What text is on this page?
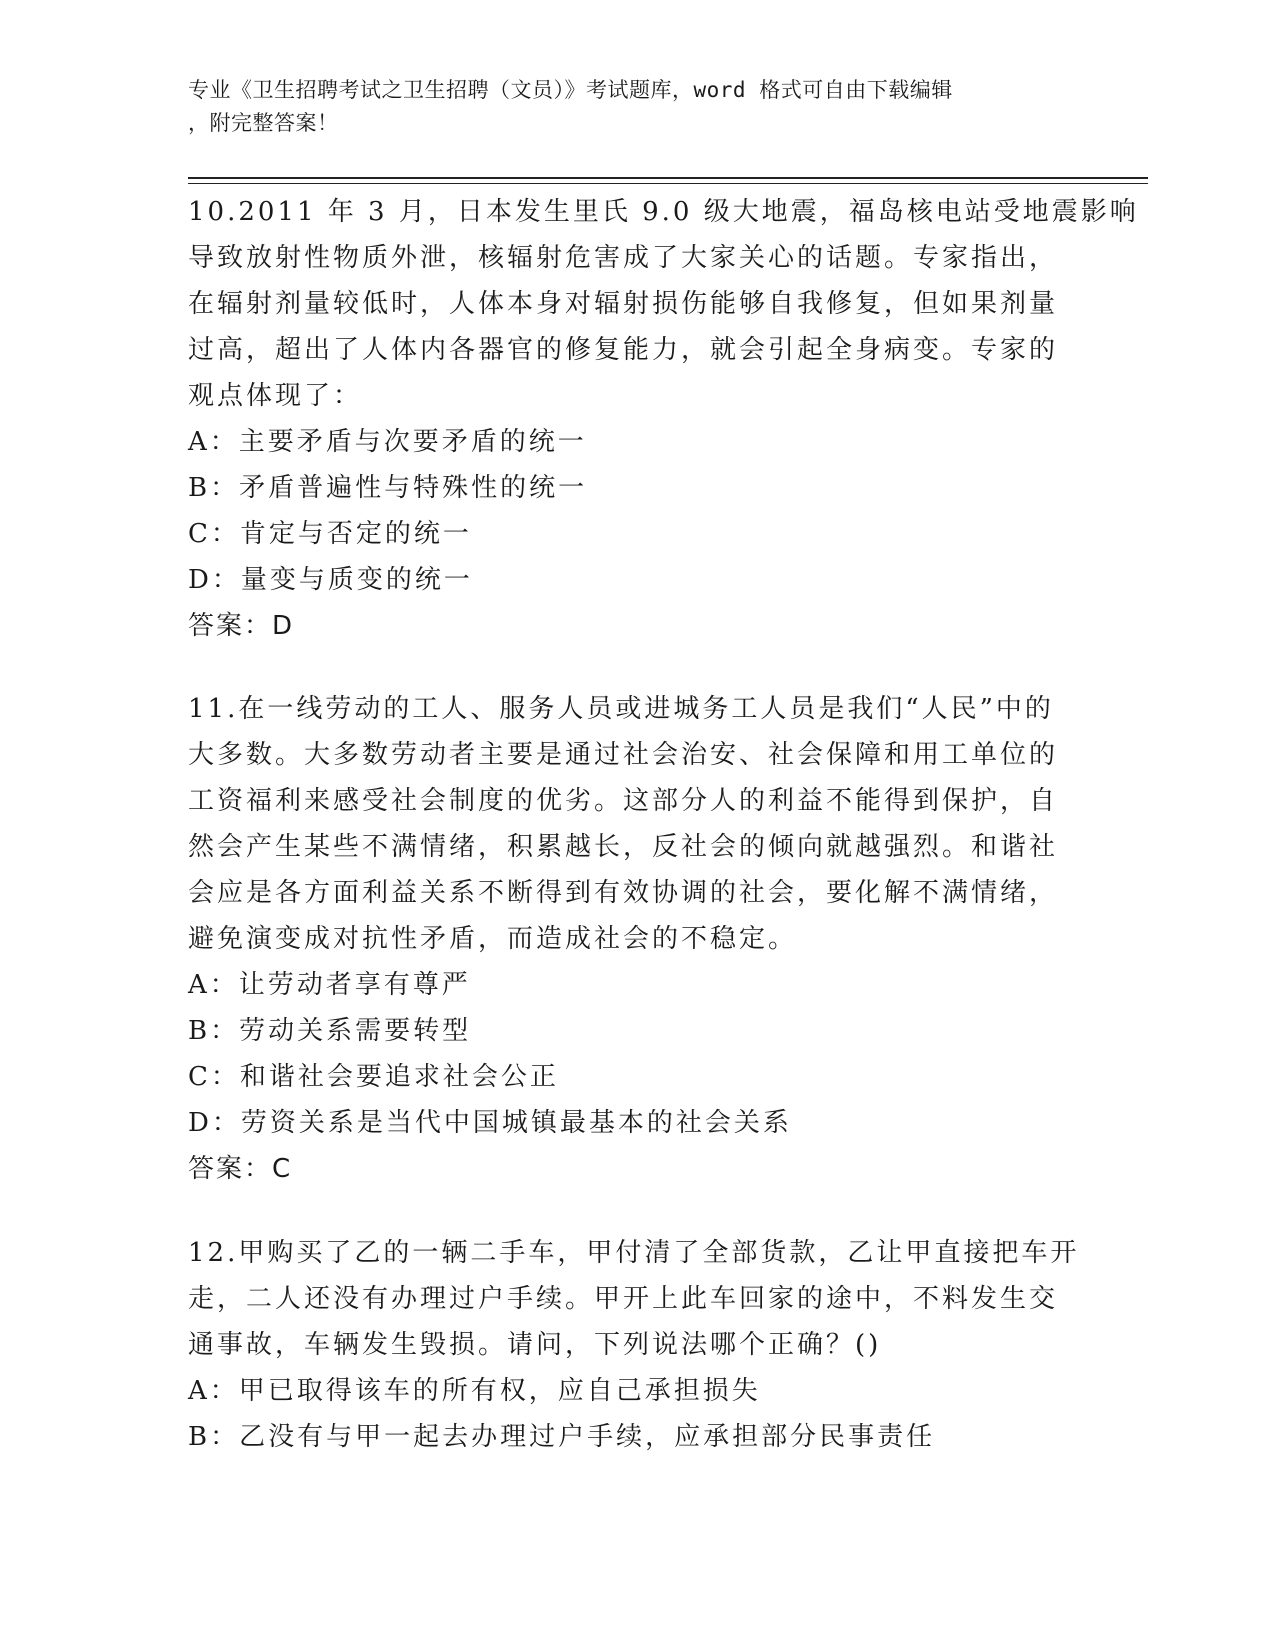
专业《卫生招聘考试之卫生招聘（文员）》考试题库，word 格式可自由下载编辑
，附完整答案！
10.2011 年 3 月，日本发生里氏 9.0 级大地震，福岛核电站受地震影响
导致放射性物质外泄，核辐射危害成了大家关心的话题。专家指出，
在辐射剂量较低时，人体本身对辐射损伤能够自我修复，但如果剂量
过高，超出了人体内各器官的修复能力，就会引起全身病变。专家的
观点体现了：
A：主要矛盾与次要矛盾的统一
B：矛盾普遍性与特殊性的统一
C：肯定与否定的统一
D：量变与质变的统一
答案：D
11.在一线劳动的工人、服务人员或进城务工人员是我们“人民”中的
大多数。大多数劳动者主要是通过社会治安、社会保障和用工单位的
工资福利来感受社会制度的优劣。这部分人的利益不能得到保护，自
然会产生某些不满情绪，积累越长，反社会的倾向就越强烈。和谐社
会应是各方面利益关系不断得到有效协调的社会，要化解不满情绪，
避免演变成对抗性矛盾，而造成社会的不稳定。
A：让劳动者享有尊严
B：劳动关系需要转型
C：和谐社会要追求社会公正
D：劳资关系是当代中国城镇最基本的社会关系
答案：C
12.甲购买了乙的一辆二手车，甲付清了全部货款，乙让甲直接把车开
走，二人还没有办理过户手续。甲开上此车回家的途中，不料发生交
通事故，车辆发生毁损。请问，下列说法哪个正确？()
A：甲已取得该车的所有权，应自己承担损失
B：乙没有与甲一起去办理过户手续，应承担部分民事责任
